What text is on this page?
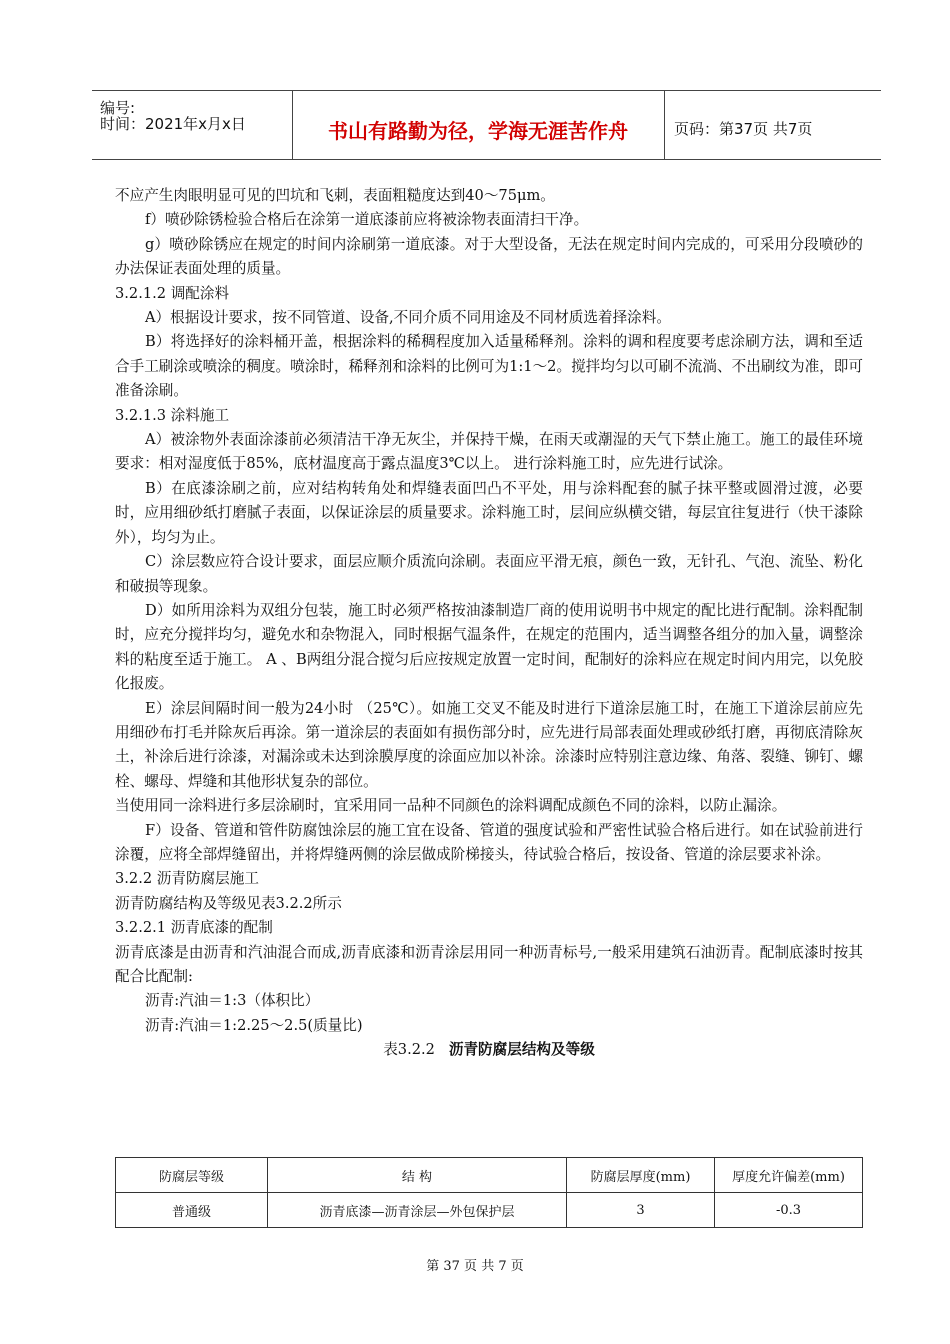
编号:
时间：2021年x月x日	书山有路勤为径，学海无涯苦作舟	页码：第37页 共7页

不应产生肉眼明显可见的凹坑和飞刺，表面粗糙度达到40～75μm。

f）喷砂除锈检验合格后在涂第一道底漆前应将被涂物表面清扫干净。

g）喷砂除锈应在规定的时间内涂刷第一道底漆。对于大型设备，无法在规定时间内完成的，可采用分段喷砂的办法保证表面处理的质量。

3.2.1.2 调配涂料

A）根据设计要求，按不同管道、设备,不同介质不同用途及不同材质选着择涂料。

B）将选择好的涂料桶开盖，根据涂料的稀稠程度加入适量稀释剂。涂料的调和程度要考虑涂刷方法，调和至适合手工刷涂或喷涂的稠度。喷涂时，稀释剂和涂料的比例可为1:1～2。搅拌均匀以可刷不流淌、不出刷纹为准，即可准备涂刷。

3.2.1.3 涂料施工

A）被涂物外表面涂漆前必须清洁干净无灰尘，并保持干燥，在雨天或潮湿的天气下禁止施工。施工的最佳环境要求：相对湿度低于85%，底材温度高于露点温度3℃以上。 进行涂料施工时，应先进行试涂。

B）在底漆涂刷之前，应对结构转角处和焊缝表面凹凸不平处，用与涂料配套的腻子抹平整或圆滑过渡，必要时，应用细砂纸打磨腻子表面，以保证涂层的质量要求。涂料施工时，层间应纵横交错，每层宜往复进行（快干漆除外），均匀为止。

C）涂层数应符合设计要求，面层应顺介质流向涂刷。表面应平滑无痕，颜色一致，无针孔、气泡、流坠、粉化和破损等现象。

D）如所用涂料为双组分包装，施工时必须严格按油漆制造厂商的使用说明书中规定的配比进行配制。涂料配制时，应充分搅拌均匀，避免水和杂物混入，同时根据气温条件，在规定的范围内，适当调整各组分的加入量，调整涂料的粘度至适于施工。 A 、B两组分混合搅匀后应按规定放置一定时间，配制好的涂料应在规定时间内用完，以免胶化报废。

E）涂层间隔时间一般为24小时 （25℃）。如施工交叉不能及时进行下道涂层施工时，在施工下道涂层前应先用细砂布打毛并除灰后再涂。第一道涂层的表面如有损伤部分时，应先进行局部表面处理或砂纸打磨，再彻底清除灰土，补涂后进行涂漆，对漏涂或未达到涂膜厚度的涂面应加以补涂。涂漆时应特别注意边缘、角落、裂缝、铆钉、螺栓、螺母、焊缝和其他形状复杂的部位。

当使用同一涂料进行多层涂刷时，宜采用同一品种不同颜色的涂料调配成颜色不同的涂料，以防止漏涂。

F）设备、管道和管件防腐蚀涂层的施工宜在设备、管道的强度试验和严密性试验合格后进行。如在试验前进行涂覆，应将全部焊缝留出，并将焊缝两侧的涂层做成阶梯接头，待试验合格后，按设备、管道的涂层要求补涂。

3.2.2 沥青防腐层施工

沥青防腐结构及等级见表3.2.2所示

3.2.2.1 沥青底漆的配制

沥青底漆是由沥青和汽油混合而成,沥青底漆和沥青涂层用同一种沥青标号,一般采用建筑石油沥青。配制底漆时按其配合比配制:

沥青:汽油＝1:3（体积比）

沥青:汽油＝1:2.25～2.5(质量比)

表3.2.2 沥青防腐层结构及等级

防腐层等级	结 构	防腐层厚度(mm)	厚度允许偏差(mm)
普通级	沥青底漆—沥青涂层—外包保护层	3	-0.3
第 37 页 共 7 页
